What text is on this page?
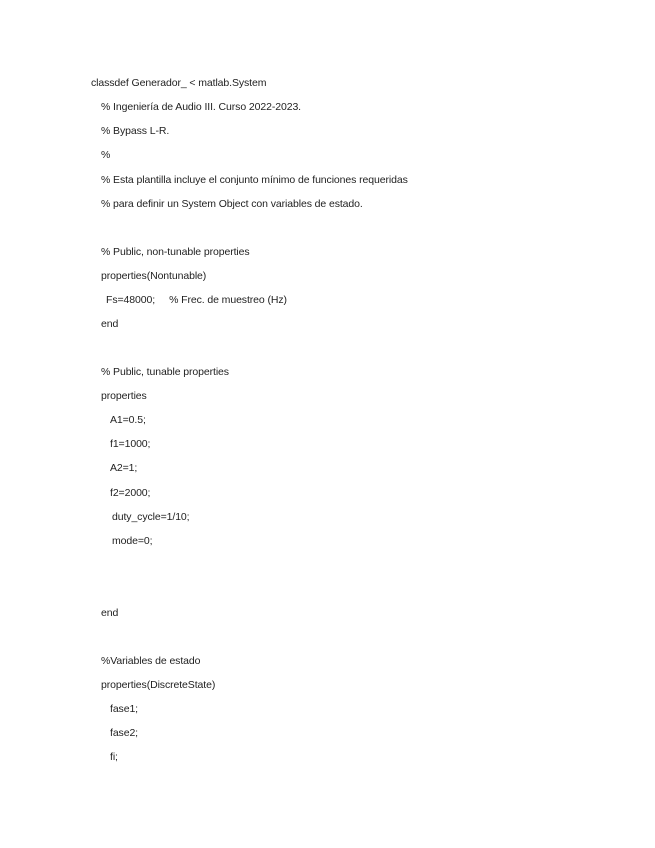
classdef Generador_ < matlab.System
% Ingeniería de Audio III. Curso 2022-2023.
% Bypass L-R.
%
% Esta plantilla incluye el conjunto mínimo de funciones requeridas
% para definir un System Object con variables de estado.
% Public, non-tunable properties
properties(Nontunable)
Fs=48000;     % Frec. de muestreo (Hz)
end
% Public, tunable properties
properties
A1=0.5;
f1=1000;
A2=1;
f2=2000;
duty_cycle=1/10;
mode=0;
end
%Variables de estado
properties(DiscreteState)
fase1;
fase2;
fi;
